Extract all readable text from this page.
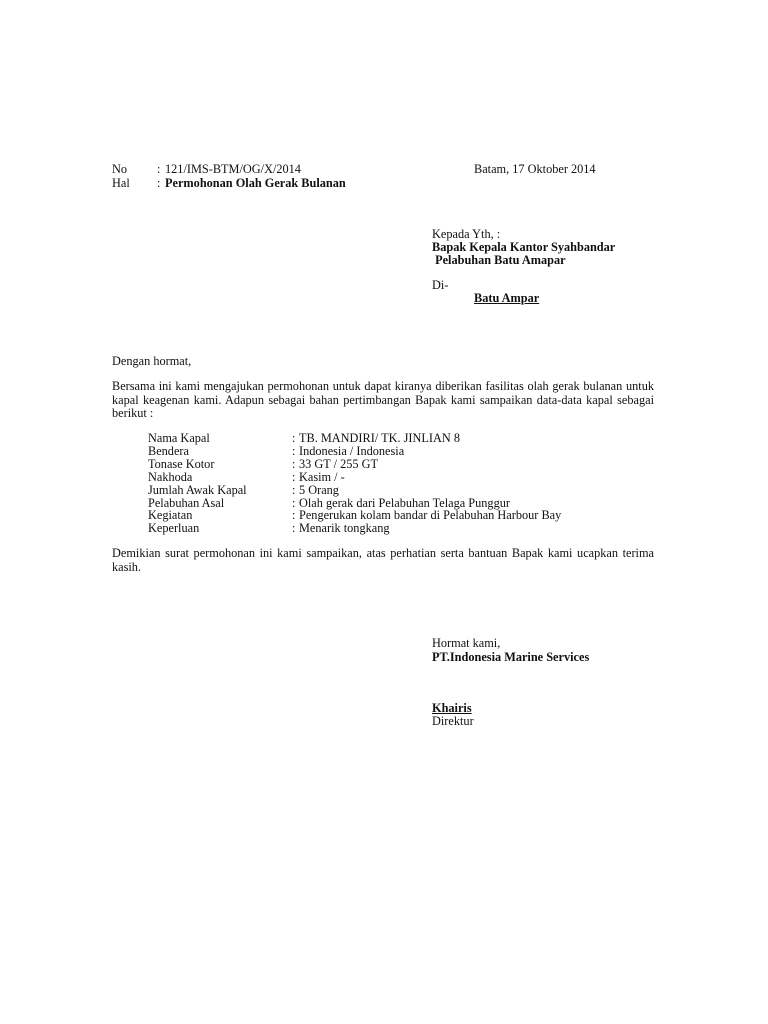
No : 121/IMS-BTM/OG/X/2014	Batam, 17 Oktober 2014
Hal : Permohonan Olah Gerak Bulanan
Kepada Yth, :
Bapak Kepala Kantor Syahbandar
Pelabuhan Batu Amapar
Di-
Batu Ampar
Dengan hormat,
Bersama ini kami mengajukan permohonan untuk dapat kiranya diberikan fasilitas olah gerak bulanan untuk kapal keagenan kami. Adapun sebagai bahan pertimbangan Bapak kami sampaikan data-data kapal sebagai berikut :
Nama Kapal	:	TB. MANDIRI/ TK. JINLIAN 8
Bendera	:	Indonesia / Indonesia
Tonase Kotor	:	33 GT / 255 GT
Nakhoda	:	Kasim / -
Jumlah Awak Kapal	:	5 Orang
Pelabuhan Asal	:	Olah gerak dari Pelabuhan Telaga Punggur
Kegiatan	:	Pengerukan kolam bandar di Pelabuhan Harbour Bay
Keperluan	:	Menarik tongkang
Demikian surat permohonan ini kami sampaikan, atas perhatian serta bantuan Bapak kami ucapkan terima kasih.
Hormat kami,
PT.Indonesia Marine Services
Khairis
Direktur
